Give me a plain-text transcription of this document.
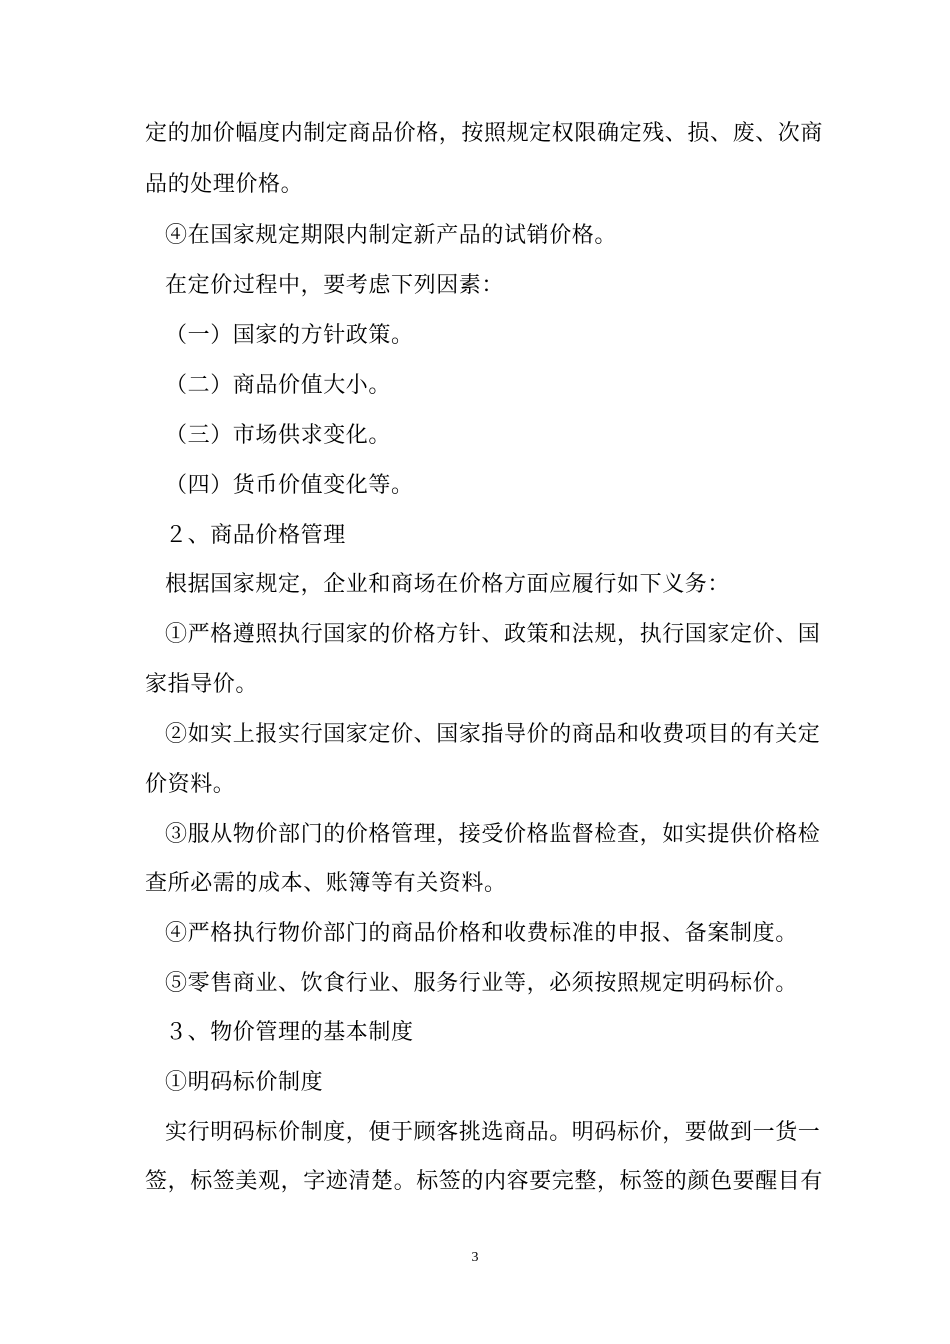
定的加价幅度内制定商品价格，按照规定权限确定残、损、废、次商
品的处理价格。
④在国家规定期限内制定新产品的试销价格。
在定价过程中，要考虑下列因素：
（一）国家的方针政策。
（二）商品价值大小。
（三）市场供求变化。
（四）货币价值变化等。
２、商品价格管理
根据国家规定，企业和商场在价格方面应履行如下义务：
①严格遵照执行国家的价格方针、政策和法规，执行国家定价、国
家指导价。
②如实上报实行国家定价、国家指导价的商品和收费项目的有关定
价资料。
③服从物价部门的价格管理，接受价格监督检查，如实提供价格检
查所必需的成本、账簿等有关资料。
④严格执行物价部门的商品价格和收费标准的申报、备案制度。
⑤零售商业、饮食行业、服务行业等，必须按照规定明码标价。
３、物价管理的基本制度
①明码标价制度
实行明码标价制度，便于顾客挑选商品。明码标价，要做到一货一
签，标签美观，字迹清楚。标签的内容要完整，标签的颜色要醒目有
3
